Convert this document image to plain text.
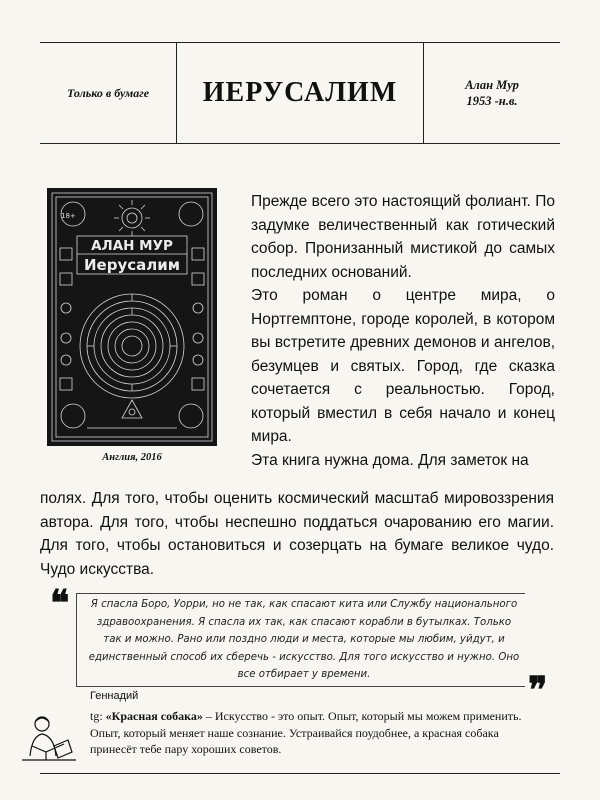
Только в бумаге	ИЕРУСАЛИМ	Алан Мур
1953 -н.в.
18+
АЛАН МУР
Иерусалим
Англия, 2016

Прежде всего это настоящий фолиант. По задумке величественный как готический собор. Пронизанный мистикой до самых последних оснований.

Это роман о центре мира, о Нортгемптоне, городе королей, в котором вы встретите древних демонов и ангелов, безумцев и святых. Город, где сказка сочетается с реальностью. Город, который вместил в себя начало и конец мира.

Эта книга нужна дома. Для заметок на

полях. Для того, чтобы оценить космический масштаб мировоззрения автора. Для того, чтобы неспешно поддаться очарованию его магии. Для того, чтобы остановиться и созерцать на бумаге великое чудо. Чудо искусства.

❝ Я спасла Боро, Уорри, но не так, как спасают кита или Службу национального здравоохранения. Я спасла их так, как спасают корабли в бутылках. Только так и можно. Рано или поздно люди и места, которые мы любим, уйдут, и единственный способ их сберечь - искусство. Для того искусство и нужно. Оно все отбирает у времени.	❞
Геннадий

tg: «Красная собака» – Искусство - это опыт. Опыт, который мы можем применить. Опыт, который меняет наше сознание. Устраивайся поудобнее, а красная собака принесёт тебе пару хороших советов.
